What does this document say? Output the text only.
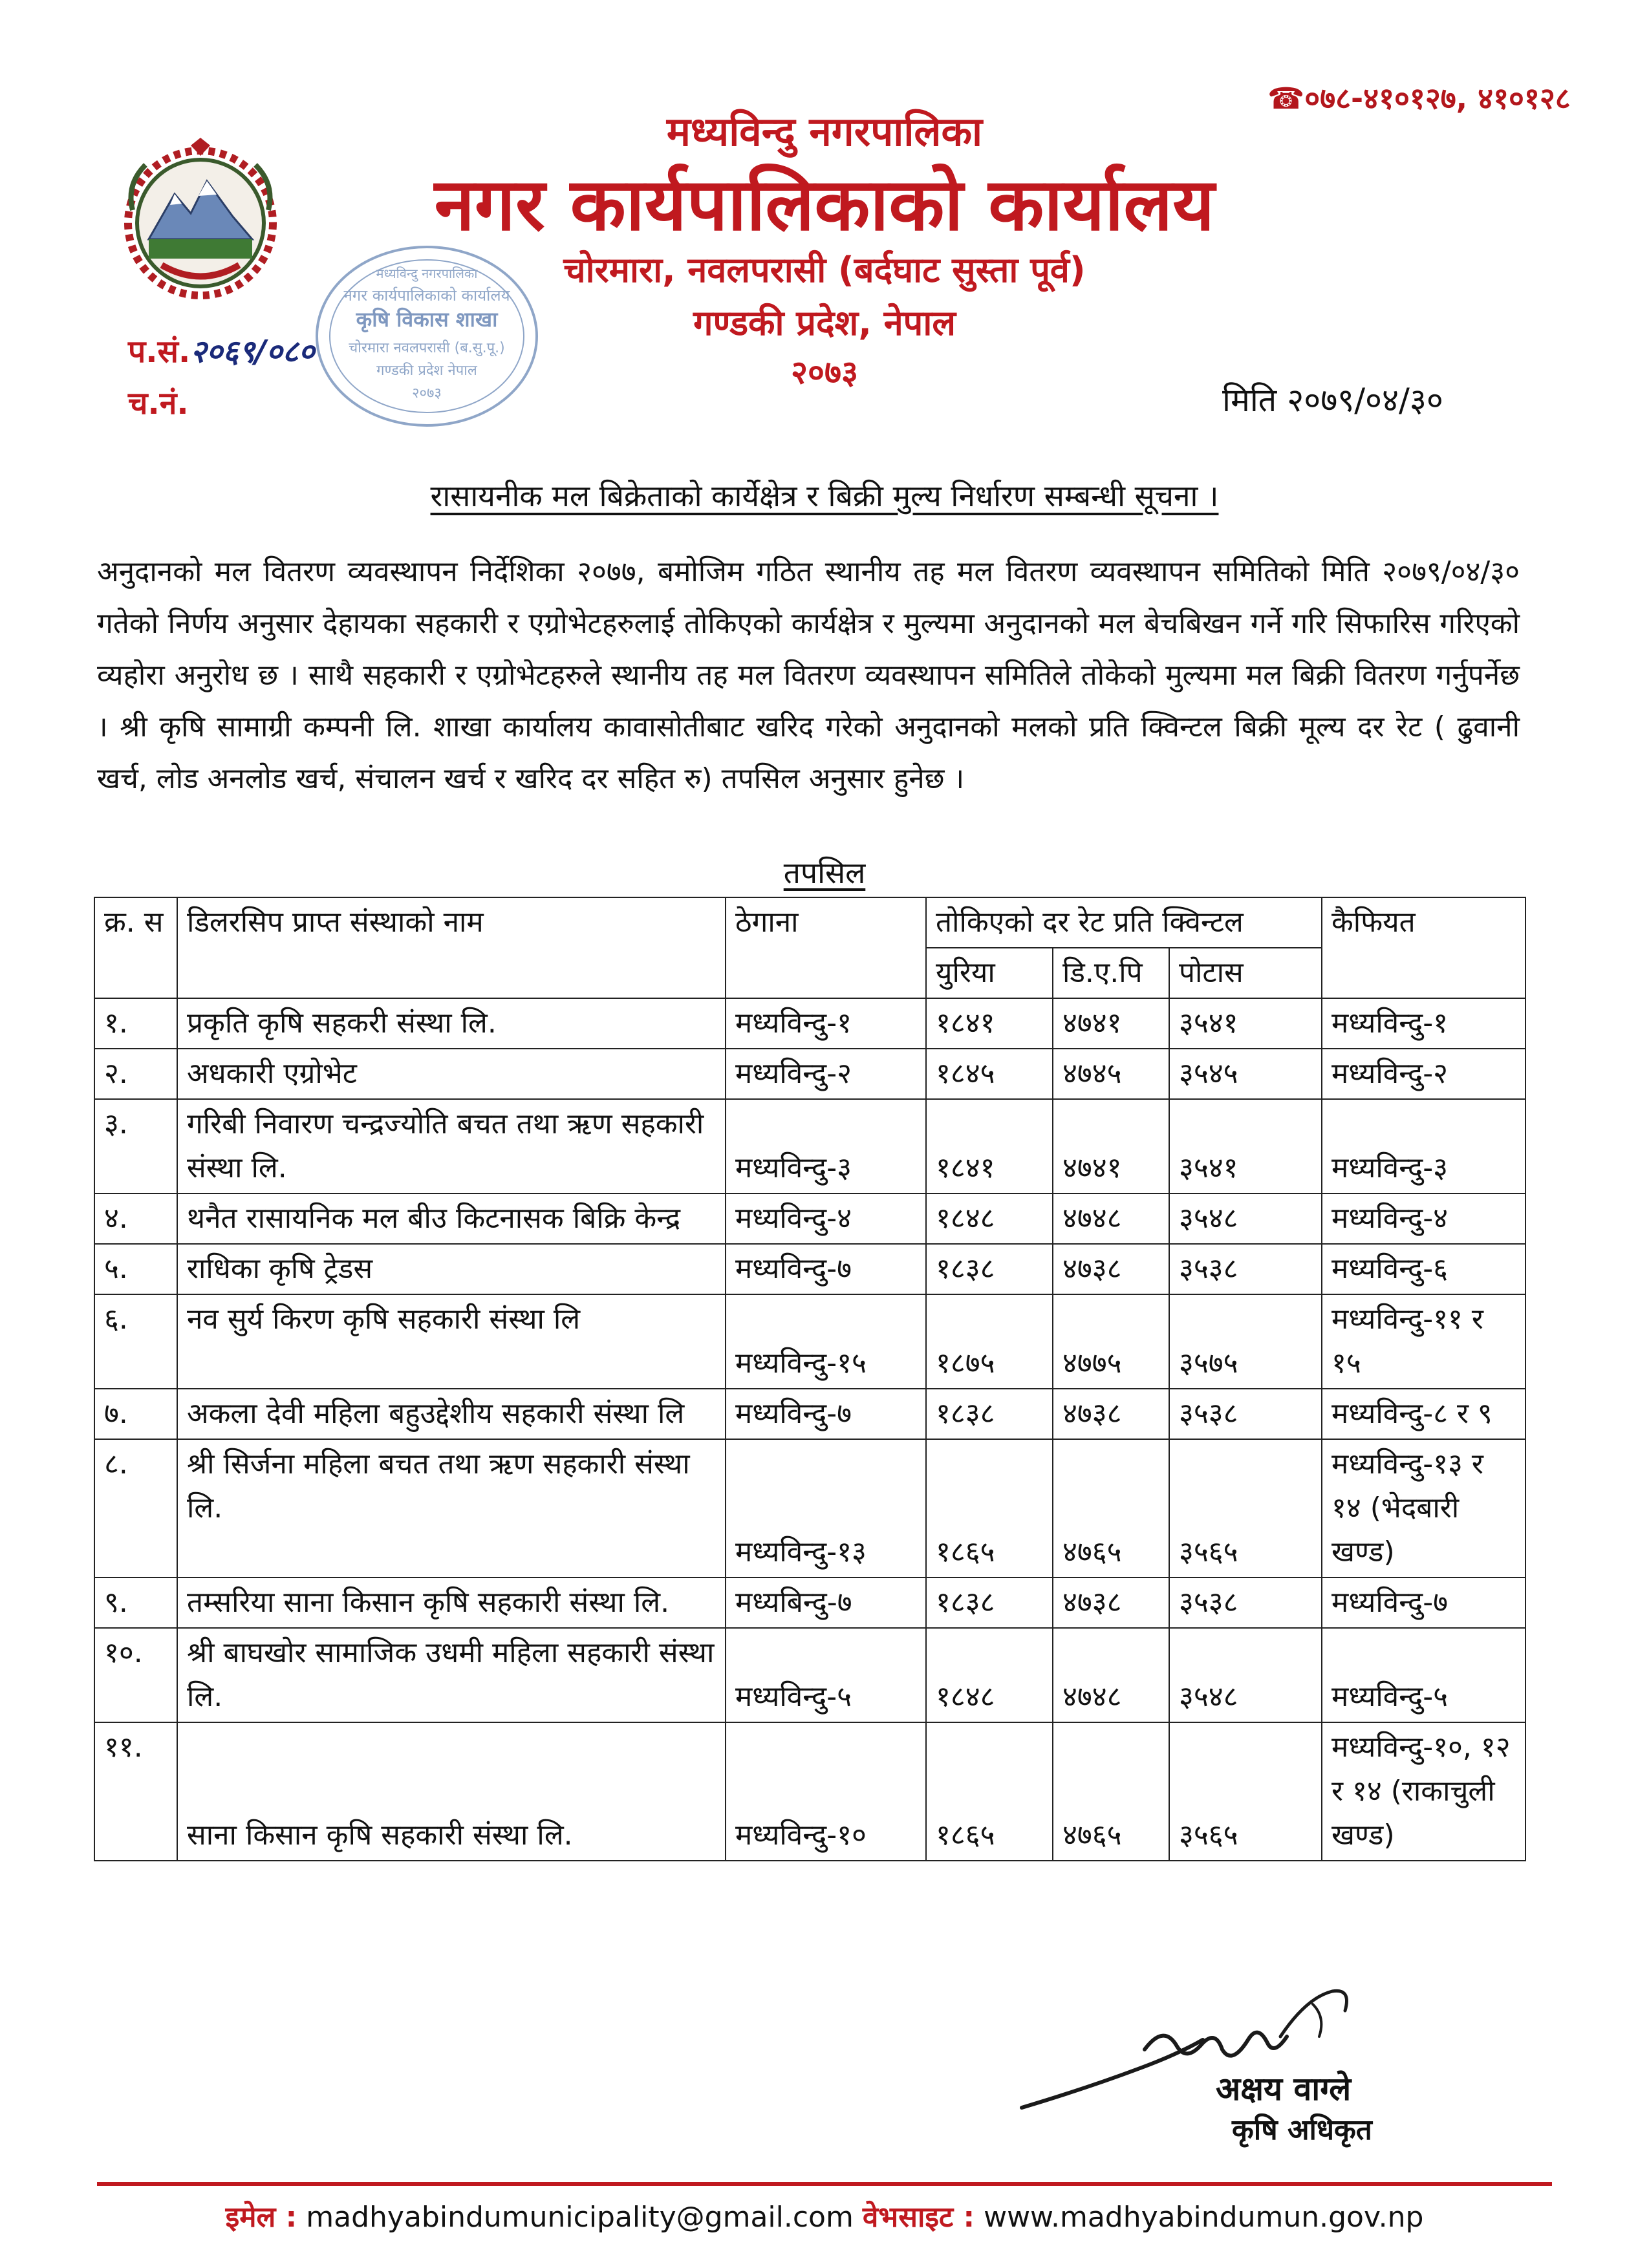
☎०७८-४१०१२७, ४१०१२८
मध्यविन्दु नगरपालिका
नगर कार्यपालिकाको कार्यालय
कृषि विकास शाखा
चोरमारा नवलपरासी (ब.सु.पू.)
गण्डकी प्रदेश नेपाल
२०७३
मध्यविन्दु नगरपालिका
नगर कार्यपालिकाको कार्यालय
चोरमारा, नवलपरासी (बर्दघाट सुस्ता पूर्व)
गण्डकी प्रदेश, नेपाल
२०७३
प.सं.२०६९/०८०
च.नं.	मिति २०७९/०४/३०
रासायनीक मल बिक्रेताको कार्येक्षेत्र र बिक्री मुल्य निर्धारण सम्बन्धी सूचना ।
अनुदानको मल वितरण व्यवस्थापन निर्देशिका २०७७, बमोजिम गठित स्थानीय तह मल वितरण व्यवस्थापन समितिको मिति २०७९/०४/३० गतेको निर्णय अनुसार देहायका सहकारी र एग्रोभेटहरुलाई तोकिएको कार्यक्षेत्र र मुल्यमा अनुदानको मल बेचबिखन गर्ने गरि सिफारिस गरिएको व्यहोरा अनुरोध छ । साथै सहकारी र एग्रोभेटहरुले स्थानीय तह मल वितरण व्यवस्थापन समितिले तोकेको मुल्यमा मल बिक्री वितरण गर्नुपर्नेछ । श्री कृषि सामाग्री कम्पनी लि. शाखा कार्यालय कावासोतीबाट खरिद गरेको अनुदानको मलको प्रति क्विन्टल बिक्री मूल्य दर रेट ( ढुवानी खर्च, लोड अनलोड खर्च, संचालन खर्च र खरिद दर सहित रु) तपसिल अनुसार हुनेछ ।
तपसिल
क्र. स	डिलरसिप प्राप्त संस्थाको नाम	ठेगाना	तोकिएको दर रेट प्रति क्विन्टल			कैफियत
			युरिया	डि.ए.पि	पोटास	
१.	प्रकृति कृषि सहकरी संस्था लि.	मध्यविन्दु-१	१८४१	४७४१	३५४१	मध्यविन्दु-१
२.	अधकारी एग्रोभेट	मध्यविन्दु-२	१८४५	४७४५	३५४५	मध्यविन्दु-२
३.	गरिबी निवारण चन्द्रज्योति बचत तथा ऋण सहकारी संस्था लि.	मध्यविन्दु-३	१८४१	४७४१	३५४१	मध्यविन्दु-३
४.	थनैत रासायनिक मल बीउ किटनासक बिक्रि केन्द्र	मध्यविन्दु-४	१८४८	४७४८	३५४८	मध्यविन्दु-४
५.	राधिका कृषि ट्रेडस	मध्यविन्दु-७	१८३८	४७३८	३५३८	मध्यविन्दु-६
६.	नव सुर्य किरण कृषि सहकारी संस्था लि	मध्यविन्दु-१५	१८७५	४७७५	३५७५	मध्यविन्दु-११ र १५
७.	अकला देवी महिला बहुउद्देशीय सहकारी संस्था लि	मध्यविन्दु-७	१८३८	४७३८	३५३८	मध्यविन्दु-८ र ९
८.	श्री सिर्जना महिला बचत तथा ऋण सहकारी संस्था लि.	मध्यविन्दु-१३	१८६५	४७६५	३५६५	मध्यविन्दु-१३ र १४ (भेदबारी खण्ड)
९.	तम्सरिया साना किसान कृषि सहकारी संस्था लि.	मध्यबिन्दु-७	१८३८	४७३८	३५३८	मध्यविन्दु-७
१०.	श्री बाघखोर सामाजिक उधमी महिला सहकारी संस्था लि.	मध्यविन्दु-५	१८४८	४७४८	३५४८	मध्यविन्दु-५
११.	साना किसान कृषि सहकारी संस्था लि.	मध्यविन्दु-१०	१८६५	४७६५	३५६५	मध्यविन्दु-१०, १२ र १४ (राकाचुली खण्ड)
अक्षय वाग्ले
कृषि अधिकृत
इमेल : madhyabindumunicipality@gmail.com वेभसाइट : www.madhyabindumun.gov.np
